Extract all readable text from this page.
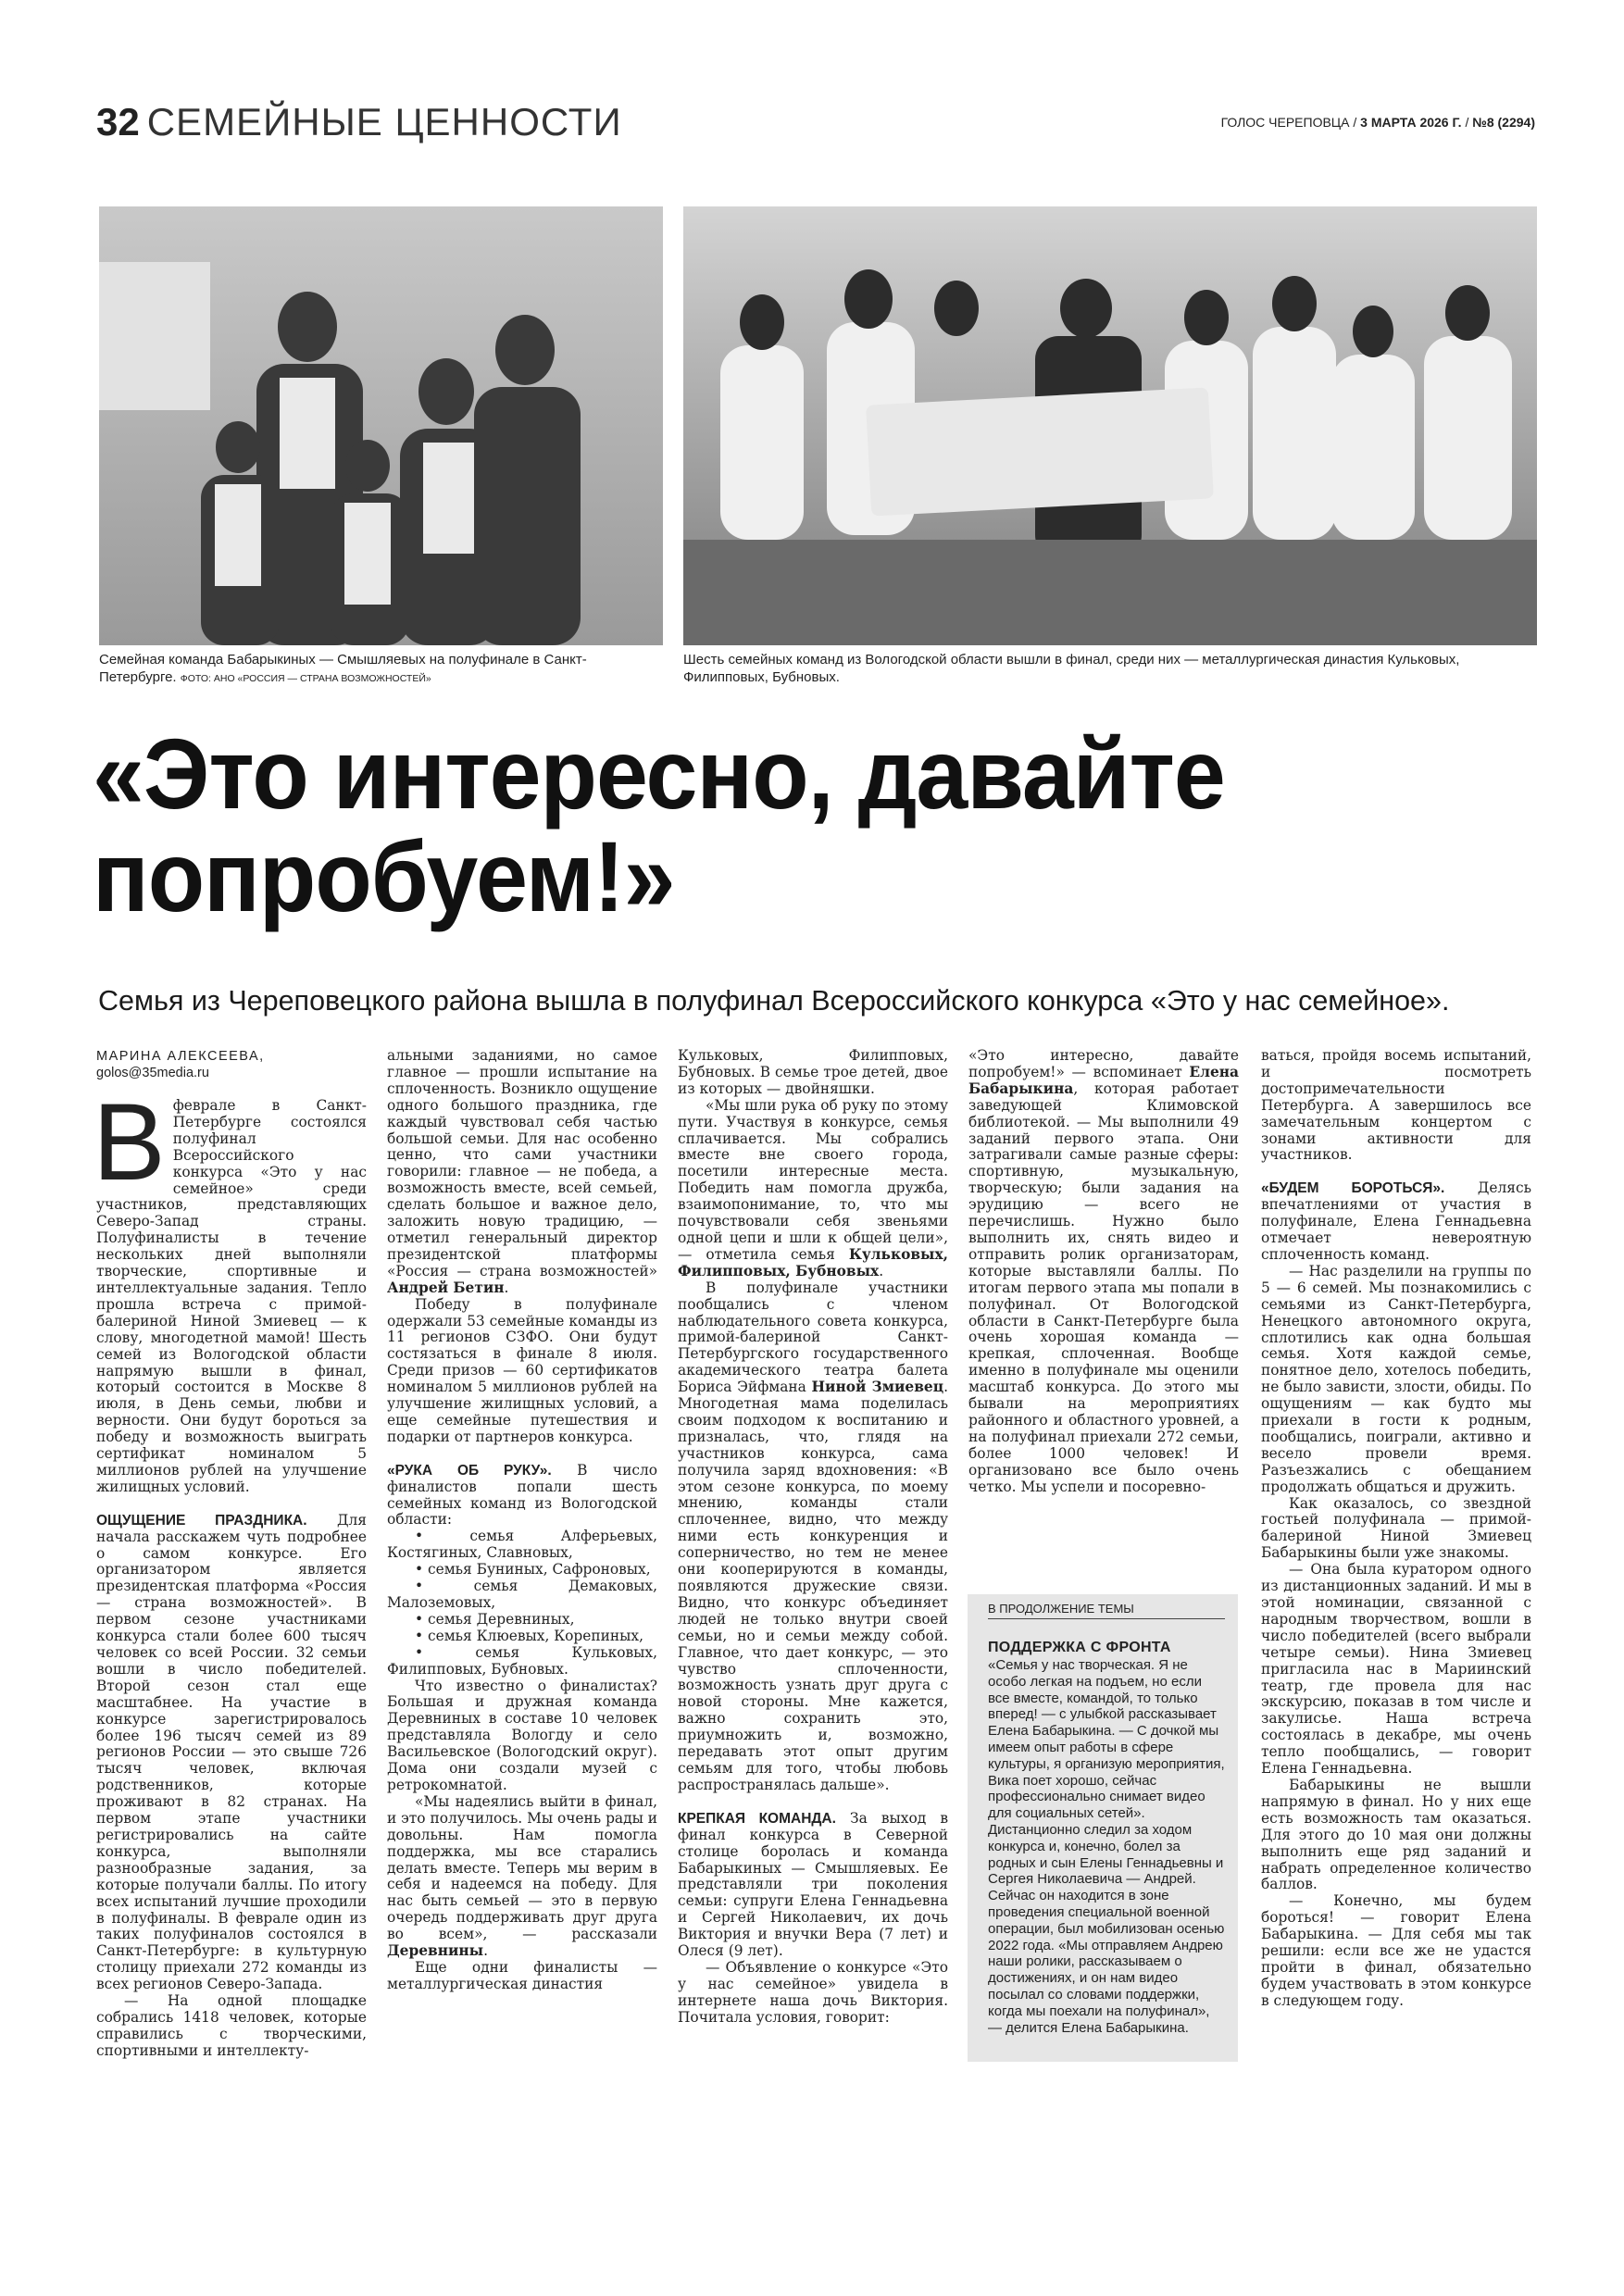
32 СЕМЕЙНЫЕ ЦЕННОСТИ	ГОЛОС ЧЕРЕПОВЦА / 3 МАРТА 2026 Г. / №8 (2294)
Семейная команда Бабарыкиных — Смышляевых на полуфинале в Санкт-Петербурге. ФОТО: АНО «РОССИЯ — СТРАНА ВОЗМОЖНОСТЕЙ»
Шесть семейных команд из Вологодской области вышли в финал, среди них — металлургическая династия Кульковых, Филипповых, Бубновых.
«Это интересно, давайте
попробуем!»
Семья из Череповецкого района вышла в полуфинал Всероссийского конкурса «Это у нас семейное».

МАРИНА АЛЕКСЕЕВА,
golos@35media.ru

Вфеврале в Санкт-Петербурге состоялся полуфинал Всероссийского конкурса «Это у нас семейное» среди участников, представляющих Северо-Запад страны. Полуфиналисты в течение нескольких дней выполняли творческие, спортивные и интеллектуальные задания. Тепло прошла встреча с примой-балериной Ниной Змиевец — к слову, многодетной мамой! Шесть семей из Вологодской области напрямую вышли в финал, который состоится в Москве 8 июля, в День семьи, любви и верности. Они будут бороться за победу и возможность выиграть сертификат номиналом 5 миллионов рублей на улучшение жилищных условий.

ОЩУЩЕНИЕ ПРАЗДНИКА. Для начала расскажем чуть подробнее о самом конкурсе. Его организатором является президентская платформа «Россия — страна возможностей». В первом сезоне участниками конкурса стали более 600 тысяч человек со всей России. 32 семьи вошли в число победителей. Второй сезон стал еще масштабнее. На участие в конкурсе зарегистрировалось более 196 тысяч семей из 89 регионов России — это свыше 726 тысяч человек, включая родственников, которые проживают в 82 странах. На первом этапе участники регистрировались на сайте конкурса, выполняли разнообразные задания, за которые получали баллы. По итогу всех испытаний лучшие проходили в полуфиналы. В феврале один из таких полуфиналов состоялся в Санкт-Петербурге: в культурную столицу приехали 272 команды из всех регионов Северо-Запада.

— На одной площадке собрались 1418 человек, которые справились с творческими, спортивными и интеллекту-

альными заданиями, но самое главное — прошли испытание на сплоченность. Возникло ощущение одного большого праздника, где каждый чувствовал себя частью большой семьи. Для нас особенно ценно, что сами участники говорили: главное — не победа, а возможность вместе, всей семьей, сделать большое и важное дело, заложить новую традицию, — отметил генеральный директор президентской платформы «Россия — страна возможностей» Андрей Бетин.

Победу в полуфинале одержали 53 семейные команды из 11 регионов СЗФО. Они будут состязаться в финале 8 июля. Среди призов — 60 сертификатов номиналом 5 миллионов рублей на улучшение жилищных условий, а еще семейные путешествия и подарки от партнеров конкурса.

«РУКА ОБ РУКУ». В число финалистов попали шесть семейных команд из Вологодской области:

• семья Алферьевых, Костягиных, Славновых,

• семья Буниных, Сафроновых,

• семья Демаковых, Малоземовых,

• семья Деревниных,

• семья Клюевых, Корепиных,

• семья Кульковых, Филипповых, Бубновых.

Что известно о финалистах? Большая и дружная команда Деревниных в составе 10 человек представляла Вологду и село Васильевское (Вологодский округ). Дома они создали музей с ретрокомнатой.

«Мы надеялись выйти в финал, и это получилось. Мы очень рады и довольны. Нам помогла поддержка, мы все старались делать вместе. Теперь мы верим в себя и надеемся на победу. Для нас быть семьей — это в первую очередь поддерживать друг друга во всем», — рассказали Деревнины.

Еще одни финалисты — металлургическая династия

Кульковых, Филипповых, Бубновых. В семье трое детей, двое из которых — двойняшки.

«Мы шли рука об руку по этому пути. Участвуя в конкурсе, семья сплачивается. Мы собрались вместе вне своего города, посетили интересные места. Победить нам помогла дружба, взаимопонимание, то, что мы почувствовали себя звеньями одной цепи и шли к общей цели», — отметила семья Кульковых, Филипповых, Бубновых.

В полуфинале участники пообщались с членом наблюдательного совета конкурса, примой-балериной Санкт-Петербургского государственного академического театра балета Бориса Эйфмана Ниной Змиевец. Многодетная мама поделилась своим подходом к воспитанию и призналась, что, глядя на участников конкурса, сама получила заряд вдохновения: «В этом сезоне конкурса, по моему мнению, команды стали сплоченнее, видно, что между ними есть конкуренция и соперничество, но тем не менее они кооперируются в команды, появляются дружеские связи. Видно, что конкурс объединяет людей не только внутри своей семьи, но и семьи между собой. Главное, что дает конкурс, — это чувство сплоченности, возможность узнать друг друга с новой стороны. Мне кажется, важно сохранить это, приумножить и, возможно, передавать этот опыт другим семьям для того, чтобы любовь распространялась дальше».

КРЕПКАЯ КОМАНДА. За выход в финал конкурса в Северной столице боролась и команда Бабарыкиных — Смышляевых. Ее представляли три поколения семьи: супруги Елена Геннадьевна и Сергей Николаевич, их дочь Виктория и внучки Вера (7 лет) и Олеся (9 лет).

— Объявление о конкурсе «Это у нас семейное» увидела в интернете наша дочь Виктория. Почитала условия, говорит:

«Это интересно, давайте попробуем!» — вспоминает Елена Бабарыкина, которая работает заведующей Климовской библиотекой. — Мы выполнили 49 заданий первого этапа. Они затрагивали самые разные сферы: спортивную, музыкальную, творческую; были задания на эрудицию — всего не перечислишь. Нужно было выполнить их, снять видео и отправить ролик организаторам, которые выставляли баллы. По итогам первого этапа мы попали в полуфинал. От Вологодской области в Санкт-Петербурге была очень хорошая команда — крепкая, сплоченная. Вообще именно в полуфинале мы оценили масштаб конкурса. До этого мы бывали на мероприятиях районного и областного уровней, а на полуфинал приехали 272 семьи, более 1000 человек! И организовано все было очень четко. Мы успели и посоревно-

ваться, пройдя восемь испытаний, и посмотреть достопримечательности Петербурга. А завершилось все замечательным концертом с зонами активности для участников.

«БУДЕМ БОРОТЬСЯ». Делясь впечатлениями от участия в полуфинале, Елена Геннадьевна отмечает невероятную сплоченность команд.

— Нас разделили на группы по 5 — 6 семей. Мы познакомились с семьями из Санкт-Петербурга, Ненецкого автономного округа, сплотились как одна большая семья. Хотя каждой семье, понятное дело, хотелось победить, не было зависти, злости, обиды. По ощущениям — как будто мы приехали в гости к родным, пообщались, поиграли, активно и весело провели время. Разъезжались с обещанием продолжать общаться и дружить.

Как оказалось, со звездной гостьей полуфинала — примой-балериной Ниной Змиевец Бабарыкины были уже знакомы.

— Она была куратором одного из дистанционных заданий. И мы в этой номинации, связанной с народным творчеством, вошли в число победителей (всего выбрали четыре семьи). Нина Змиевец пригласила нас в Мариинский театр, где провела для нас экскурсию, показав в том числе и закулисье. Наша встреча состоялась в декабре, мы очень тепло пообщались, — говорит Елена Геннадьевна.

Бабарыкины не вышли напрямую в финал. Но у них еще есть возможность там оказаться. Для этого до 10 мая они должны выполнить еще ряд заданий и набрать определенное количество баллов.

— Конечно, мы будем бороться! — говорит Елена Бабарыкина. — Для себя мы так решили: если все же не удастся пройти в финал, обязательно будем участвовать в этом конкурсе в следующем году.

В ПРОДОЛЖЕНИЕ ТЕМЫ
ПОДДЕРЖКА С ФРОНТА
«Семья у нас творческая. Я не особо легкая на подъем, но если все вместе, командой, то только вперед! — с улыбкой рассказывает Елена Бабарыкина. — С дочкой мы имеем опыт работы в сфере культуры, я организую мероприятия, Вика поет хорошо, сейчас профессионально снимает видео для социальных сетей». Дистанционно следил за ходом конкурса и, конечно, болел за родных и сын Елены Геннадьевны и Сергея Николаевича — Андрей. Сейчас он находится в зоне проведения специальной военной операции, был мобилизован осенью 2022 года. «Мы отправляем Андрею наши ролики, рассказываем о достижениях, и он нам видео посылал со словами поддержки, когда мы поехали на полуфинал», — делится Елена Бабарыкина.
